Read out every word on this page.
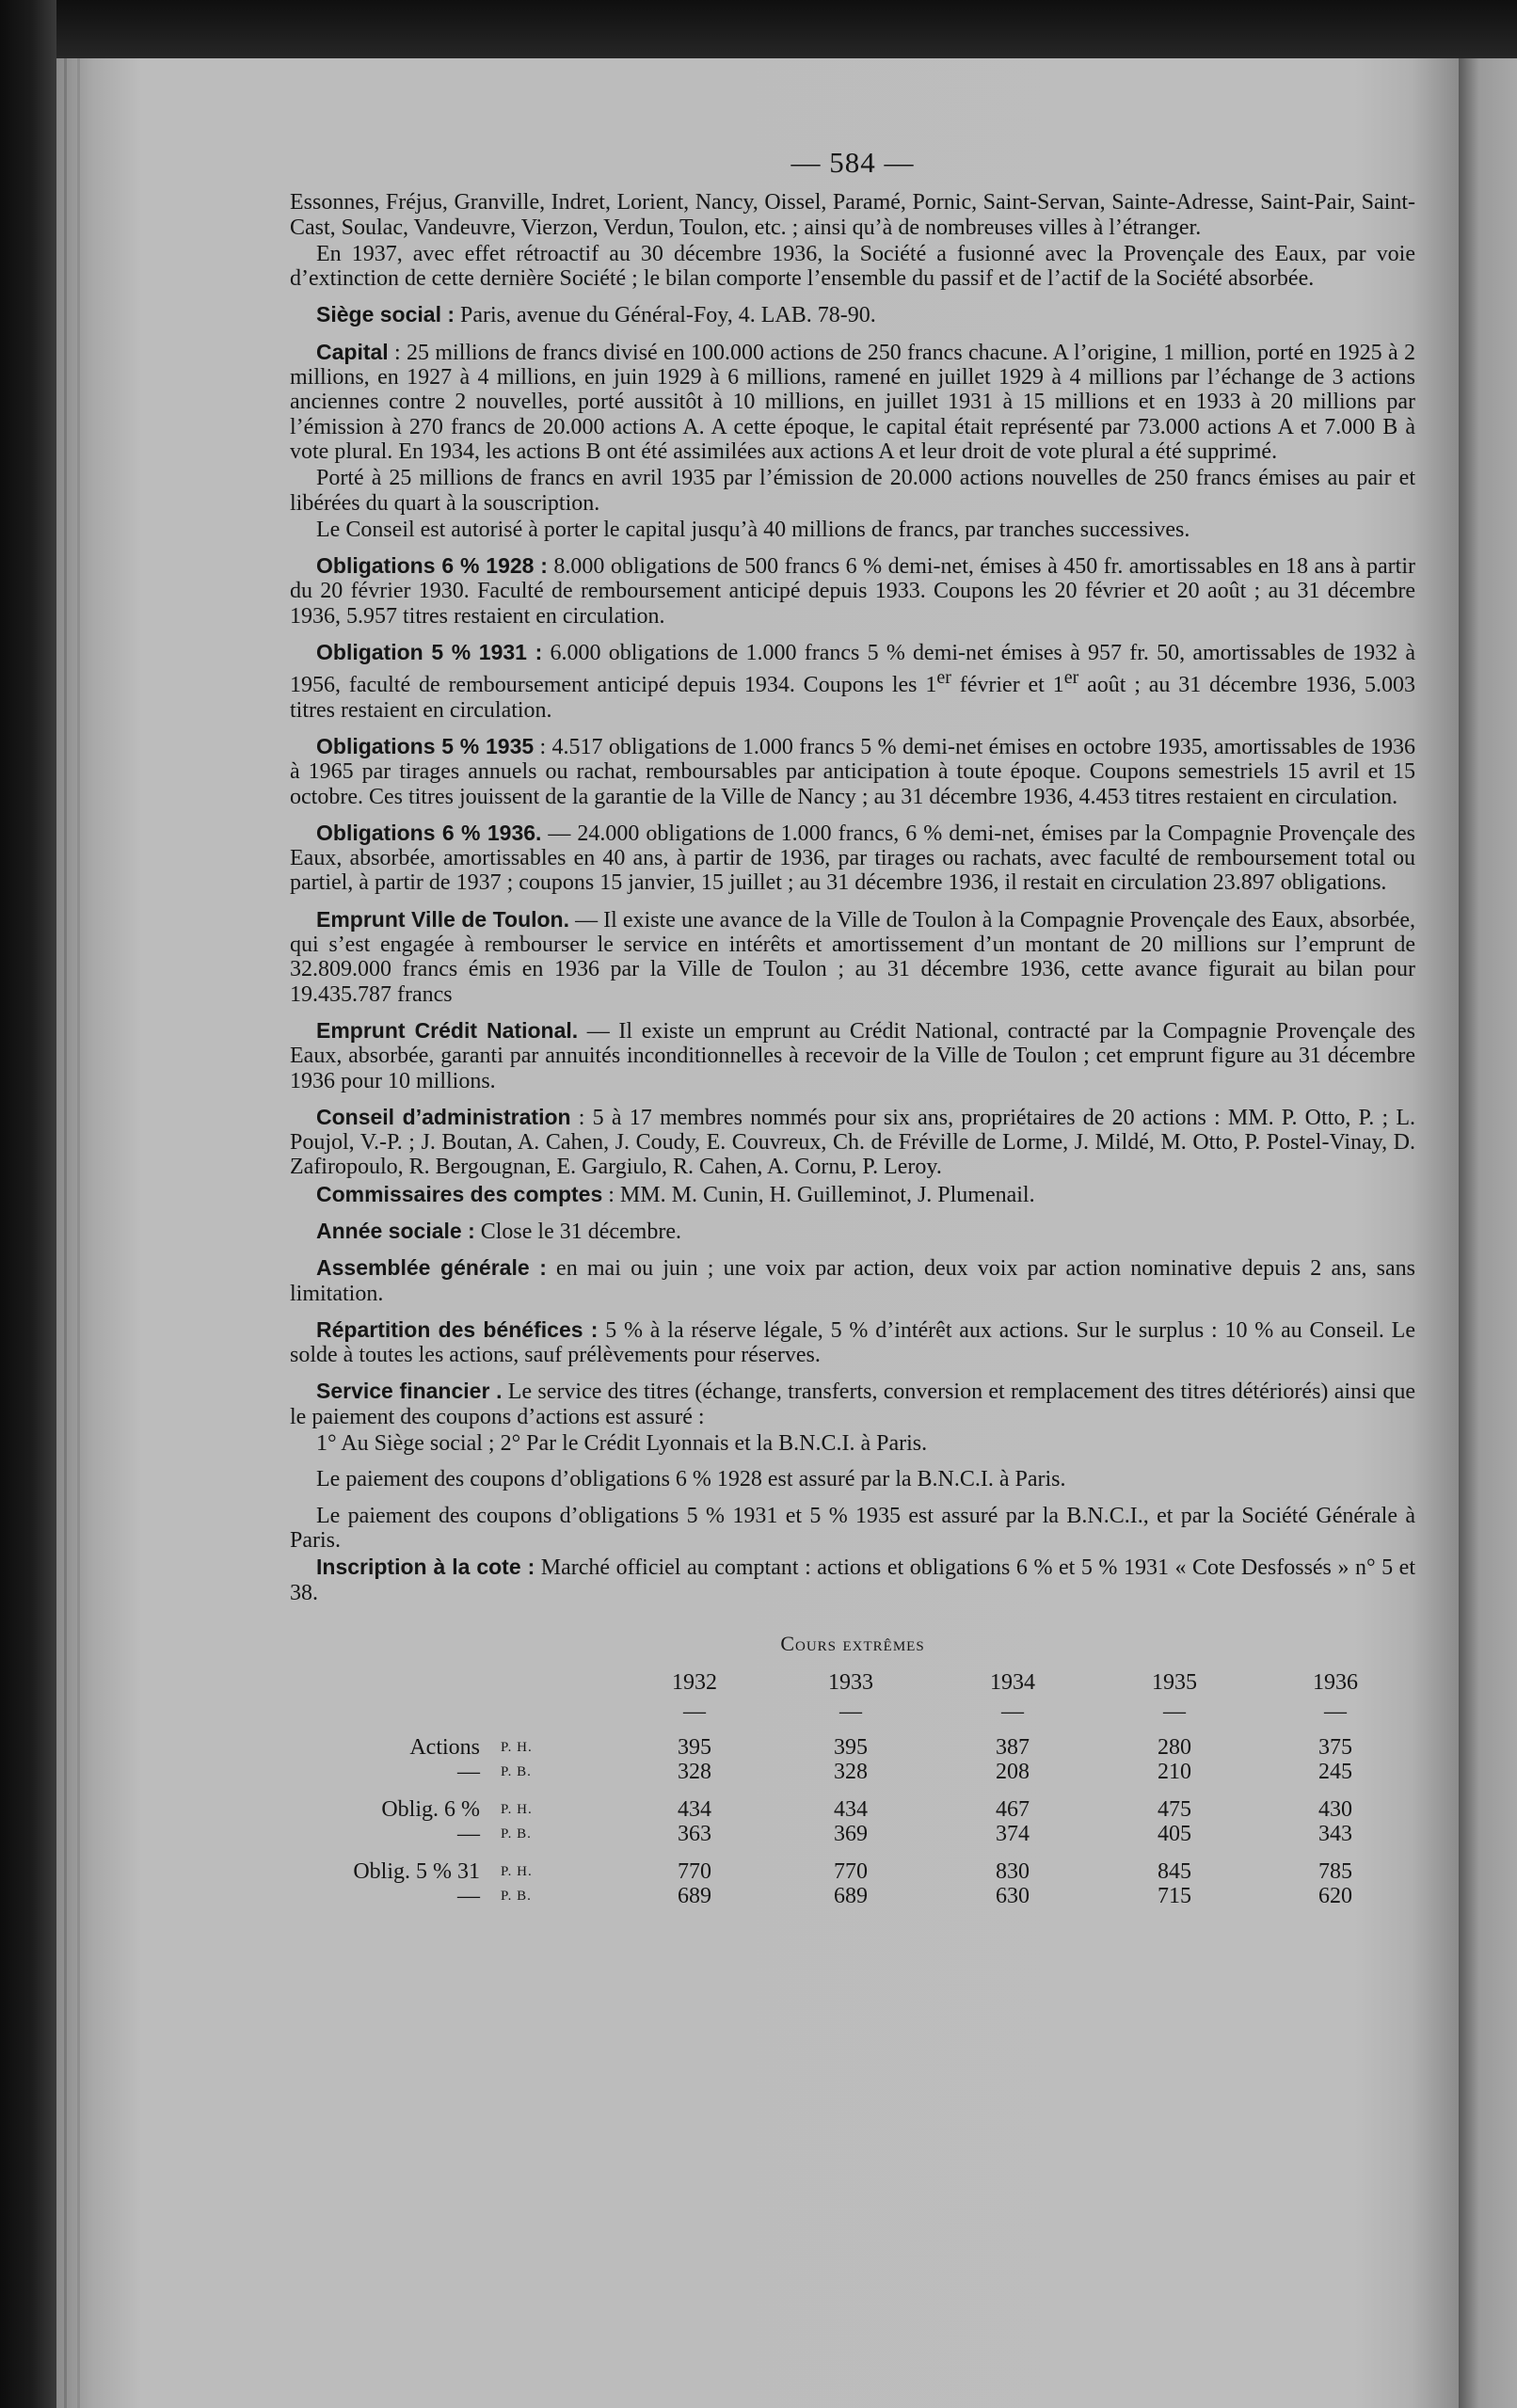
— 584 —

Essonnes, Fréjus, Granville, Indret, Lorient, Nancy, Oissel, Paramé, Pornic, Saint-Servan, Sainte-Adresse, Saint-Pair, Saint-Cast, Soulac, Vandeuvre, Vierzon, Verdun, Toulon, etc. ; ainsi qu’à de nombreuses villes à l’étranger.

En 1937, avec effet rétroactif au 30 décembre 1936, la Société a fusionné avec la Provençale des Eaux, par voie d’extinction de cette dernière Société ; le bilan comporte l’ensemble du passif et de l’actif de la Société absorbée.

Siège social : Paris, avenue du Général-Foy, 4. LAB. 78-90.

Capital : 25 millions de francs divisé en 100.000 actions de 250 francs chacune. A l’origine, 1 million, porté en 1925 à 2 millions, en 1927 à 4 millions, en juin 1929 à 6 millions, ramené en juillet 1929 à 4 millions par l’échange de 3 actions anciennes contre 2 nouvelles, porté aussitôt à 10 millions, en juillet 1931 à 15 millions et en 1933 à 20 millions par l’émission à 270 francs de 20.000 actions A. A cette époque, le capital était représenté par 73.000 actions A et 7.000 B à vote plural. En 1934, les actions B ont été assimilées aux actions A et leur droit de vote plural a été supprimé.

Porté à 25 millions de francs en avril 1935 par l’émission de 20.000 actions nouvelles de 250 francs émises au pair et libérées du quart à la souscription.

Le Conseil est autorisé à porter le capital jusqu’à 40 millions de francs, par tranches successives.

Obligations 6 % 1928 : 8.000 obligations de 500 francs 6 % demi-net, émises à 450 fr. amortissables en 18 ans à partir du 20 février 1930. Faculté de remboursement anticipé depuis 1933. Coupons les 20 février et 20 août ; au 31 décembre 1936, 5.957 titres restaient en circulation.

Obligation 5 % 1931 : 6.000 obligations de 1.000 francs 5 % demi-net émises à 957 fr. 50, amortissables de 1932 à 1956, faculté de remboursement anticipé depuis 1934. Coupons les 1er février et 1er août ; au 31 décembre 1936, 5.003 titres restaient en circulation.

Obligations 5 % 1935 : 4.517 obligations de 1.000 francs 5 % demi-net émises en octobre 1935, amortissables de 1936 à 1965 par tirages annuels ou rachat, remboursables par anticipation à toute époque. Coupons semestriels 15 avril et 15 octobre. Ces titres jouissent de la garantie de la Ville de Nancy ; au 31 décembre 1936, 4.453 titres restaient en circulation.

Obligations 6 % 1936. — 24.000 obligations de 1.000 francs, 6 % demi-net, émises par la Compagnie Provençale des Eaux, absorbée, amortissables en 40 ans, à partir de 1936, par tirages ou rachats, avec faculté de remboursement total ou partiel, à partir de 1937 ; coupons 15 janvier, 15 juillet ; au 31 décembre 1936, il restait en circulation 23.897 obligations.

Emprunt Ville de Toulon. — Il existe une avance de la Ville de Toulon à la Compagnie Provençale des Eaux, absorbée, qui s’est engagée à rembourser le service en intérêts et amortissement d’un montant de 20 millions sur l’emprunt de 32.809.000 francs émis en 1936 par la Ville de Toulon ; au 31 décembre 1936, cette avance figurait au bilan pour 19.435.787 francs

Emprunt Crédit National. — Il existe un emprunt au Crédit National, contracté par la Compagnie Provençale des Eaux, absorbée, garanti par annuités inconditionnelles à recevoir de la Ville de Toulon ; cet emprunt figure au 31 décembre 1936 pour 10 millions.

Conseil d’administration : 5 à 17 membres nommés pour six ans, propriétaires de 20 actions : MM. P. Otto, P. ; L. Poujol, V.-P. ; J. Boutan, A. Cahen, J. Coudy, E. Couvreux, Ch. de Fréville de Lorme, J. Mildé, M. Otto, P. Postel-Vinay, D. Zafiropoulo, R. Bergougnan, E. Gargiulo, R. Cahen, A. Cornu, P. Leroy.

Commissaires des comptes : MM. M. Cunin, H. Guilleminot, J. Plumenail.

Année sociale : Close le 31 décembre.

Assemblée générale : en mai ou juin ; une voix par action, deux voix par action nominative depuis 2 ans, sans limitation.

Répartition des bénéfices : 5 % à la réserve légale, 5 % d’intérêt aux actions. Sur le surplus : 10 % au Conseil. Le solde à toutes les actions, sauf prélèvements pour réserves.

Service financier . Le service des titres (échange, transferts, conversion et remplacement des titres détériorés) ainsi que le paiement des coupons d’actions est assuré :

1° Au Siège social ; 2° Par le Crédit Lyonnais et la B.N.C.I. à Paris.

Le paiement des coupons d’obligations 6 % 1928 est assuré par la B.N.C.I. à Paris.

Le paiement des coupons d’obligations 5 % 1931 et 5 % 1935 est assuré par la B.N.C.I., et par la Société Générale à Paris.

Inscription à la cote : Marché officiel au comptant : actions et obligations 6 % et 5 % 1931 « Cote Desfossés » n° 5 et 38.

Cours extrêmes
		1932	1933	1934	1935	1936
		—	—	—	—	—
Actions	P. H.	395	395	387	280	375
—	P. B.	328	328	208	210	245
Oblig. 6 %	P. H.	434	434	467	475	430
—	P. B.	363	369	374	405	343
Oblig. 5 % 31	P. H.	770	770	830	845	785
—	P. B.	689	689	630	715	620
